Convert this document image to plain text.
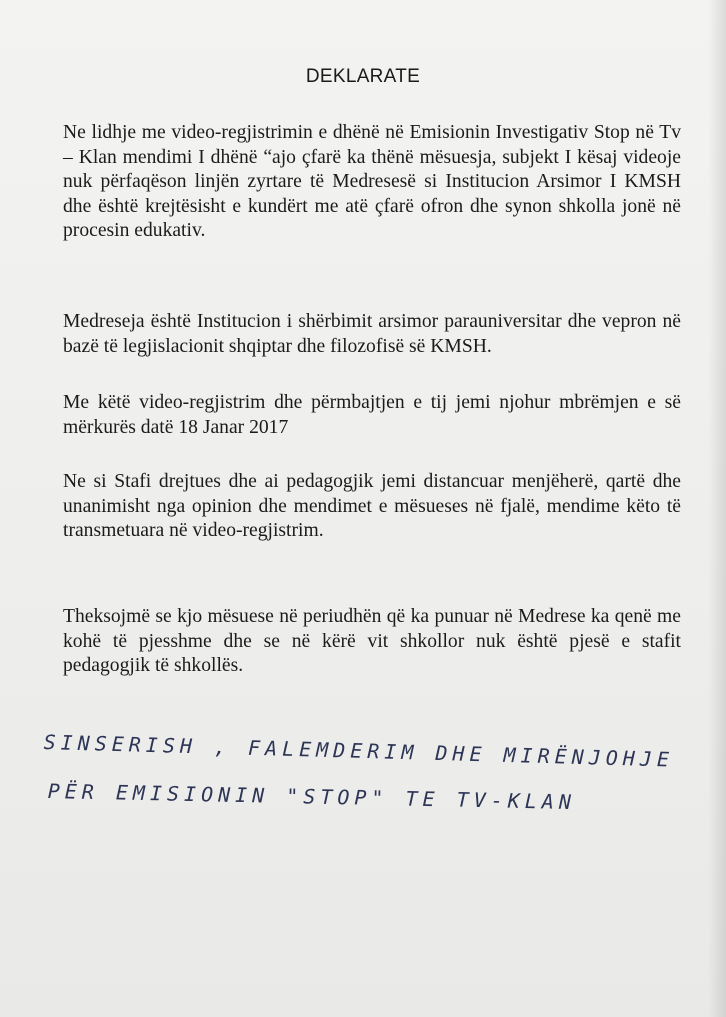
DEKLARATE
Ne lidhje me video-regjistrimin e dhënë në Emisionin Investigativ Stop në Tv – Klan mendimi I dhënë “ajo çfarë ka thënë mësuesja, subjekt I kësaj videoje nuk përfaqëson linjën zyrtare të Medresesë si Institucion Arsimor I KMSH dhe është krejtësisht e kundërt me atë çfarë ofron dhe synon shkolla jonë në procesin edukativ.
Medreseja është Institucion i shërbimit arsimor parauniversitar dhe vepron në bazë të legjislacionit shqiptar dhe filozofisë së KMSH.
Me këtë video-regjistrim dhe përmbajtjen e tij jemi njohur mbrëmjen e së mërkurës datë 18 Janar 2017
Ne si Stafi drejtues dhe ai pedagogjik jemi distancuar menjëherë, qartë dhe unanimisht nga opinion dhe mendimet e mësueses në fjalë, mendime këto të transmetuara në video-regjistrim.
Theksojmë se kjo mësuese në periudhën që ka punuar në Medrese ka qenë me kohë të pjesshme dhe se në kërë vit shkollor nuk është pjesë e stafit pedagogjik të shkollës.
SINSERISH , FALEMDERIM DHE MIRËNJOHJE
PËR EMISIONIN "STOP" TE TV-KLAN
